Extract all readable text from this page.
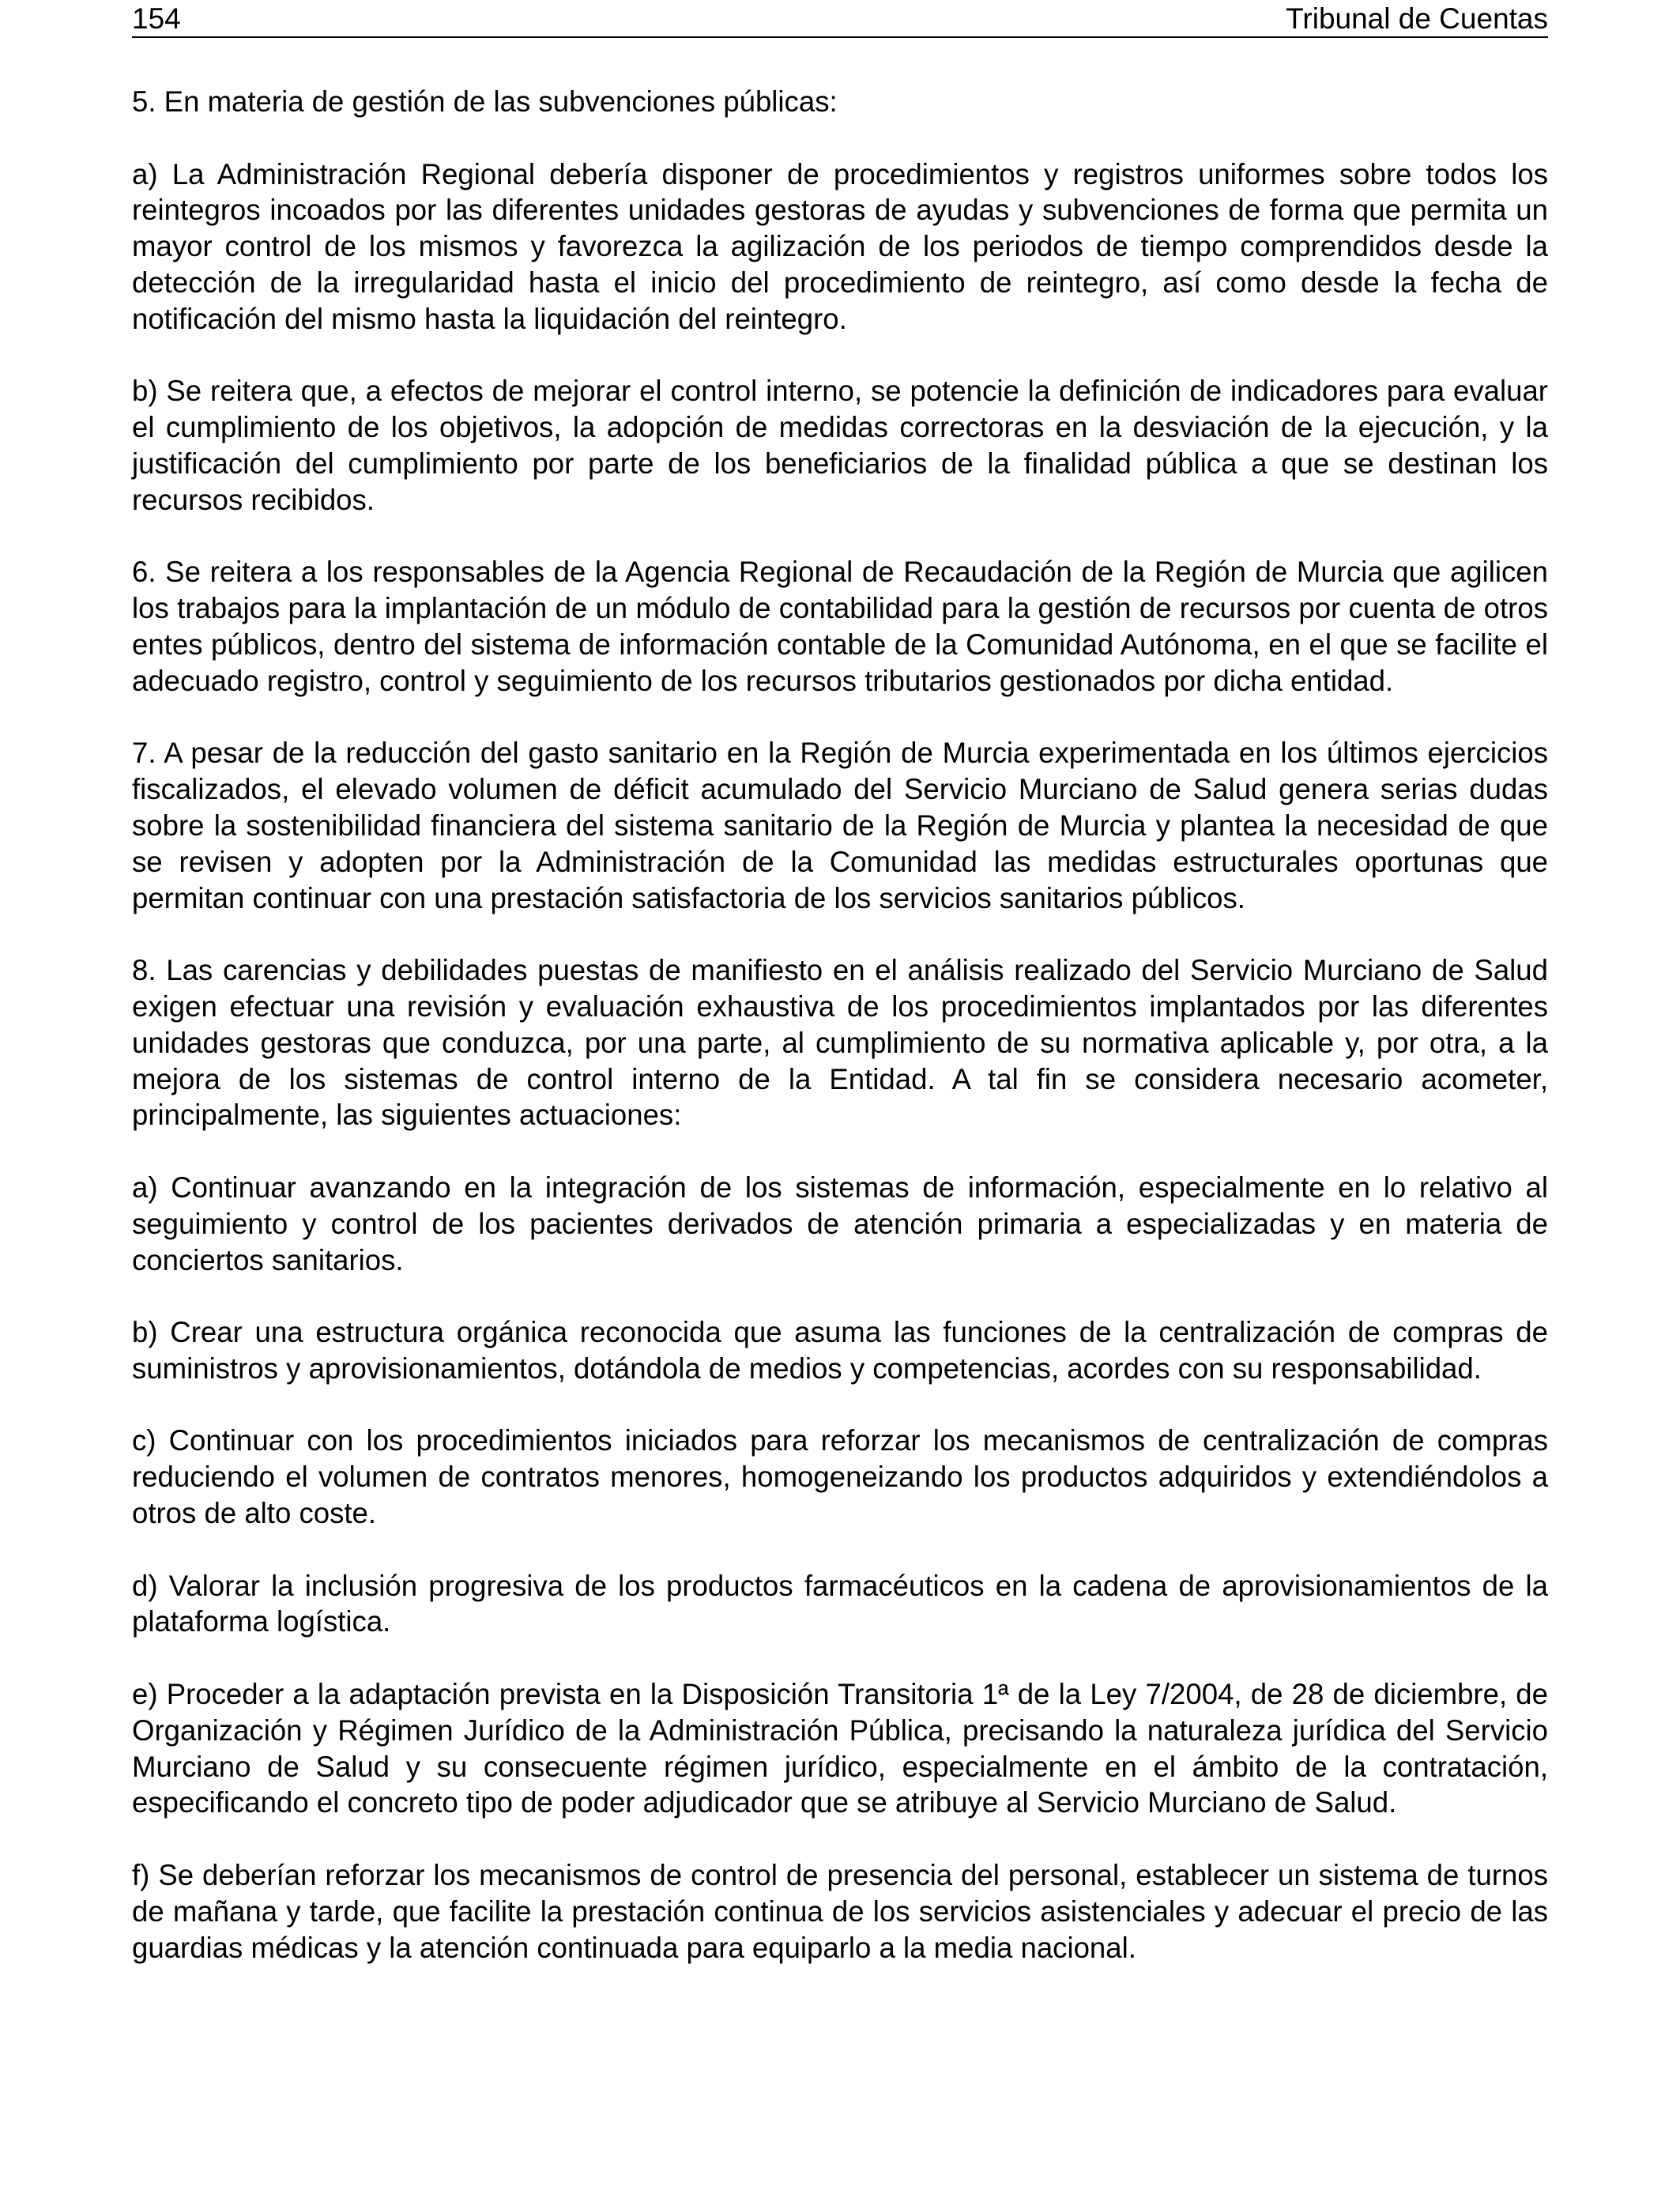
154	Tribunal de Cuentas

5. En materia de gestión de las subvenciones públicas:

a) La Administración Regional debería disponer de procedimientos y registros uniformes sobre todos los reintegros incoados por las diferentes unidades gestoras de ayudas y subvenciones de forma que permita un mayor control de los mismos y favorezca la agilización de los periodos de tiempo comprendidos desde la detección de la irregularidad hasta el inicio del procedimiento de reintegro, así como desde la fecha de notificación del mismo hasta la liquidación del reintegro.

b) Se reitera que, a efectos de mejorar el control interno, se potencie la definición de indicadores para evaluar el cumplimiento de los objetivos, la adopción de medidas correctoras en la desviación de la ejecución, y la justificación del cumplimiento por parte de los beneficiarios de la finalidad pública a que se destinan los recursos recibidos.

6. Se reitera a los responsables de la Agencia Regional de Recaudación de la Región de Murcia que agilicen los trabajos para la implantación de un módulo de contabilidad para la gestión de recursos por cuenta de otros entes públicos, dentro del sistema de información contable de la Comunidad Autónoma, en el que se facilite el adecuado registro, control y seguimiento de los recursos tributarios gestionados por dicha entidad.

7. A pesar de la reducción del gasto sanitario en la Región de Murcia experimentada en los últimos ejercicios fiscalizados, el elevado volumen de déficit acumulado del Servicio Murciano de Salud genera serias dudas sobre la sostenibilidad financiera del sistema sanitario de la Región de Murcia y plantea la necesidad de que se revisen y adopten por la Administración de la Comunidad las medidas estructurales oportunas que permitan continuar con una prestación satisfactoria de los servicios sanitarios públicos.

8. Las carencias y debilidades puestas de manifiesto en el análisis realizado del Servicio Murciano de Salud exigen efectuar una revisión y evaluación exhaustiva de los procedimientos implantados por las diferentes unidades gestoras que conduzca, por una parte, al cumplimiento de su normativa aplicable y, por otra, a la mejora de los sistemas de control interno de la Entidad. A tal fin se considera necesario acometer, principalmente, las siguientes actuaciones:

a) Continuar avanzando en la integración de los sistemas de información, especialmente en lo relativo al seguimiento y control de los pacientes derivados de atención primaria a especializadas y en materia de conciertos sanitarios.

b) Crear una estructura orgánica reconocida que asuma las funciones de la centralización de compras de suministros y aprovisionamientos, dotándola de medios y competencias, acordes con su responsabilidad.

c) Continuar con los procedimientos iniciados para reforzar los mecanismos de centralización de compras reduciendo el volumen de contratos menores, homogeneizando los productos adquiridos y extendiéndolos a otros de alto coste.

d) Valorar la inclusión progresiva de los productos farmacéuticos en la cadena de aprovisionamientos de la plataforma logística.

e) Proceder a la adaptación prevista en la Disposición Transitoria 1ª de la Ley 7/2004, de 28 de diciembre, de Organización y Régimen Jurídico de la Administración Pública, precisando la naturaleza jurídica del Servicio Murciano de Salud y su consecuente régimen jurídico, especialmente en el ámbito de la contratación, especificando el concreto tipo de poder adjudicador que se atribuye al Servicio Murciano de Salud.

f) Se deberían reforzar los mecanismos de control de presencia del personal, establecer un sistema de turnos de mañana y tarde, que facilite la prestación continua de los servicios asistenciales y adecuar el precio de las guardias médicas y la atención continuada para equiparlo a la media nacional.
